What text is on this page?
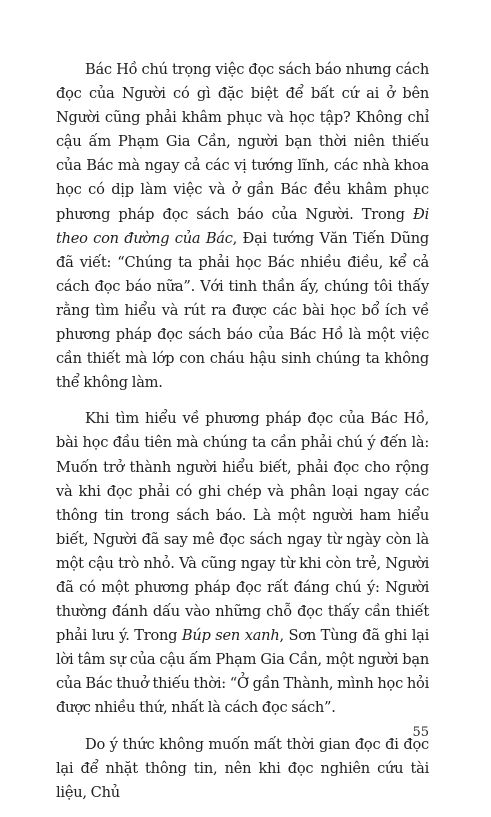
Bác Hồ chú trọng việc đọc sách báo nhưng cách đọc của Người có gì đặc biệt để bất cứ ai ở bên Người cũng phải khâm phục và học tập? Không chỉ cậu ấm Phạm Gia Cần, người bạn thời niên thiếu của Bác mà ngay cả các vị tướng lĩnh, các nhà khoa học có dịp làm việc và ở gần Bác đều khâm phục phương pháp đọc sách báo của Người. Trong Đi theo con đường của Bác, Đại tướng Văn Tiến Dũng đã viết: “Chúng ta phải học Bác nhiều điều, kể cả cách đọc báo nữa”. Với tinh thần ấy, chúng tôi thấy rằng tìm hiểu và rút ra được các bài học bổ ích về phương pháp đọc sách báo của Bác Hồ là một việc cần thiết mà lớp con cháu hậu sinh chúng ta không thể không làm.

Khi tìm hiểu về phương pháp đọc của Bác Hồ, bài học đầu tiên mà chúng ta cần phải chú ý đến là: Muốn trở thành người hiểu biết, phải đọc cho rộng và khi đọc phải có ghi chép và phân loại ngay các thông tin trong sách báo. Là một người ham hiểu biết, Người đã say mê đọc sách ngay từ ngày còn là một cậu trò nhỏ. Và cũng ngay từ khi còn trẻ, Người đã có một phương pháp đọc rất đáng chú ý: Người thường đánh dấu vào những chỗ đọc thấy cần thiết phải lưu ý. Trong Búp sen xanh, Sơn Tùng đã ghi lại lời tâm sự của cậu ấm Phạm Gia Cần, một người bạn của Bác thuở thiếu thời: “Ở gần Thành, mình học hỏi được nhiều thứ, nhất là cách đọc sách”.

Do ý thức không muốn mất thời gian đọc đi đọc lại để nhặt thông tin, nên khi đọc nghiên cứu tài liệu, Chủ

55
